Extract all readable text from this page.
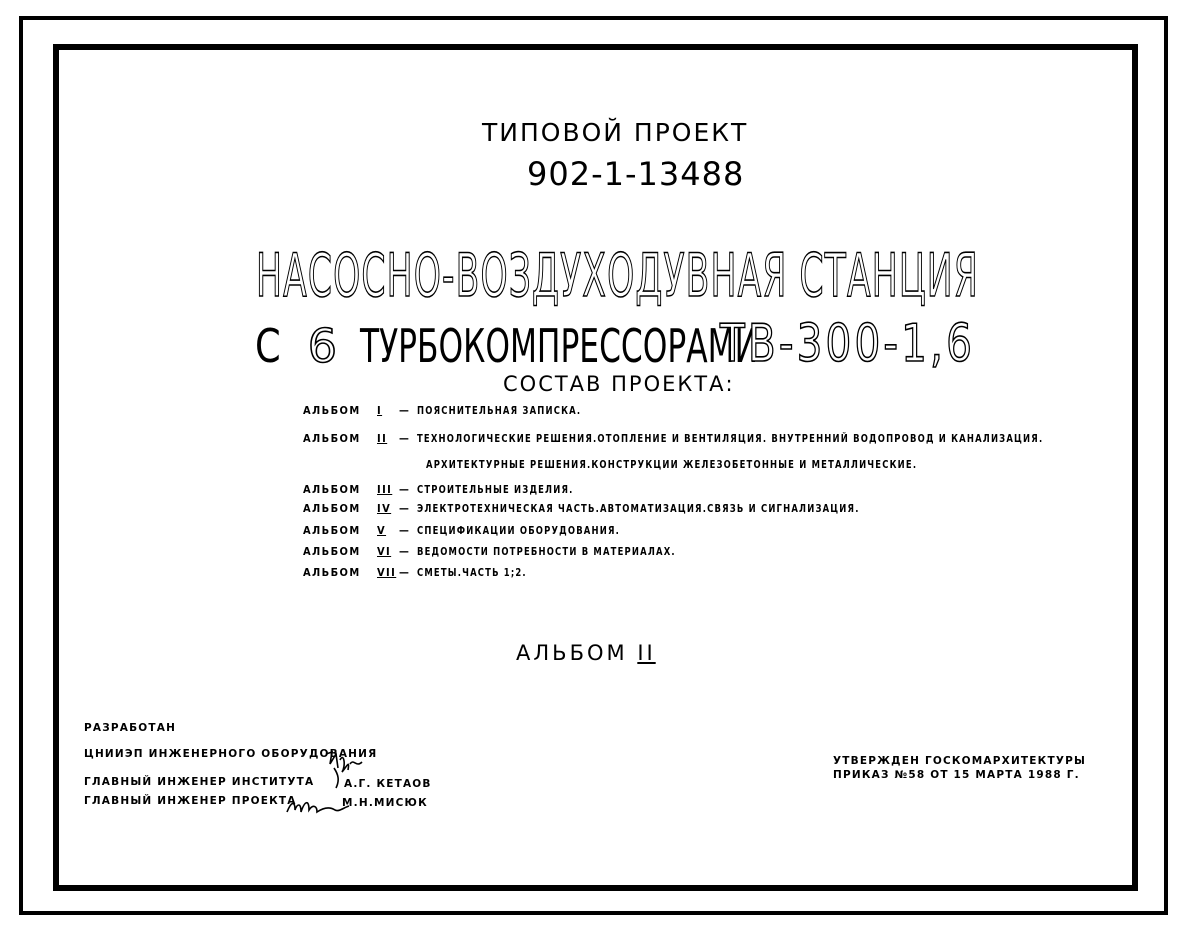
ТИПОВОЙ ПРОЕКТ
902-1-13488
НАСОСНО-ВОЗДУХОДУВНАЯ СТАНЦИЯ
С 6 ТУРБОКОМПРЕССОРАМИ
ТВ-300-1,6
СОСТАВ ПРОЕКТА:
АЛЬБОМ I — ПОЯСНИТЕЛЬНАЯ ЗАПИСКА.
АЛЬБОМ II — ТЕХНОЛОГИЧЕСКИЕ РЕШЕНИЯ.ОТОПЛЕНИЕ И ВЕНТИЛЯЦИЯ. ВНУТРЕННИЙ ВОДОПРОВОД И КАНАЛИЗАЦИЯ.
АРХИТЕКТУРНЫЕ РЕШЕНИЯ.КОНСТРУКЦИИ ЖЕЛЕЗОБЕТОННЫЕ И МЕТАЛЛИЧЕСКИЕ.
АЛЬБОМ III — СТРОИТЕЛЬНЫЕ ИЗДЕЛИЯ.
АЛЬБОМ IV — ЭЛЕКТРОТЕХНИЧЕСКАЯ ЧАСТЬ.АВТОМАТИЗАЦИЯ.СВЯЗЬ И СИГНАЛИЗАЦИЯ.
АЛЬБОМ V — СПЕЦИФИКАЦИИ ОБОРУДОВАНИЯ.
АЛЬБОМ VI — ВЕДОМОСТИ ПОТРЕБНОСТИ В МАТЕРИАЛАХ.
АЛЬБОМ VII — СМЕТЫ.ЧАСТЬ 1;2.
АЛЬБОМ II
РАЗРАБОТАН
ЦНИИЭП ИНЖЕНЕРНОГО ОБОРУДОВАНИЯ
ГЛАВНЫЙ ИНЖЕНЕР ИНСТИТУТА	А.Г. КЕТАОВ
ГЛАВНЫЙ ИНЖЕНЕР ПРОЕКТА	М.Н.МИСЮК
УТВЕРЖДЕН ГОСКОМАРХИТЕКТУРЫ
ПРИКАЗ №58 ОТ 15 МАРТА 1988 Г.
